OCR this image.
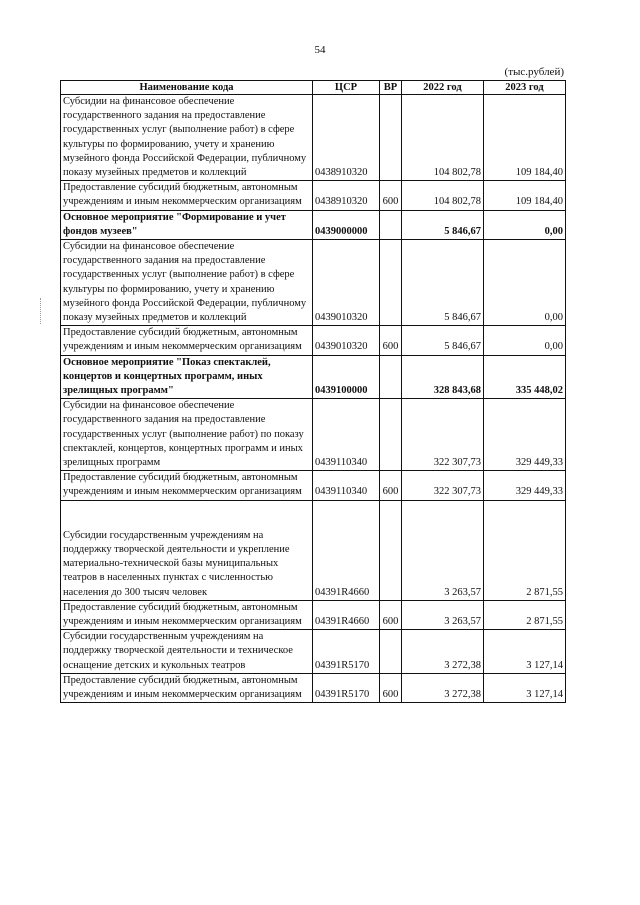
54
(тыс.рублей)
Наименование кода	ЦСР	ВР	2022 год	2023 год
Субсидии на финансовое обеспечение государственного задания на предоставление государственных услуг (выполнение работ) в сфере культуры по формированию, учету и хранению музейного фонда Российской Федерации, публичному показу музейных предметов и коллекций	0438910320		104 802,78	109 184,40
Предоставление субсидий бюджетным, автономным учреждениям и иным некоммерческим организациям	0438910320	600	104 802,78	109 184,40
Основное мероприятие "Формирование и учет фондов музеев"	0439000000		5 846,67	0,00
Субсидии на финансовое обеспечение государственного задания на предоставление государственных услуг (выполнение работ) в сфере культуры по формированию, учету и хранению музейного фонда Российской Федерации, публичному показу музейных предметов и коллекций	0439010320		5 846,67	0,00
Предоставление субсидий бюджетным, автономным учреждениям и иным некоммерческим организациям	0439010320	600	5 846,67	0,00
Основное мероприятие "Показ спектаклей, концертов и концертных программ, иных зрелищных программ"	0439100000		328 843,68	335 448,02
Субсидии на финансовое обеспечение государственного задания на предоставление государственных услуг (выполнение работ) по показу спектаклей, концертов, концертных программ и иных зрелищных программ	0439110340		322 307,73	329 449,33
Предоставление субсидий бюджетным, автономным учреждениям и иным некоммерческим организациям	0439110340	600	322 307,73	329 449,33
Субсидии государственным учреждениям на поддержку творческой деятельности и укрепление материально-технической базы муниципальных театров в населенных пунктах с численностью населения до 300 тысяч человек	04391R4660		3 263,57	2 871,55
Предоставление субсидий бюджетным, автономным учреждениям и иным некоммерческим организациям	04391R4660	600	3 263,57	2 871,55
Субсидии государственным учреждениям на поддержку творческой деятельности и техническое оснащение детских и кукольных театров	04391R5170		3 272,38	3 127,14
Предоставление субсидий бюджетным, автономным учреждениям и иным некоммерческим организациям	04391R5170	600	3 272,38	3 127,14
